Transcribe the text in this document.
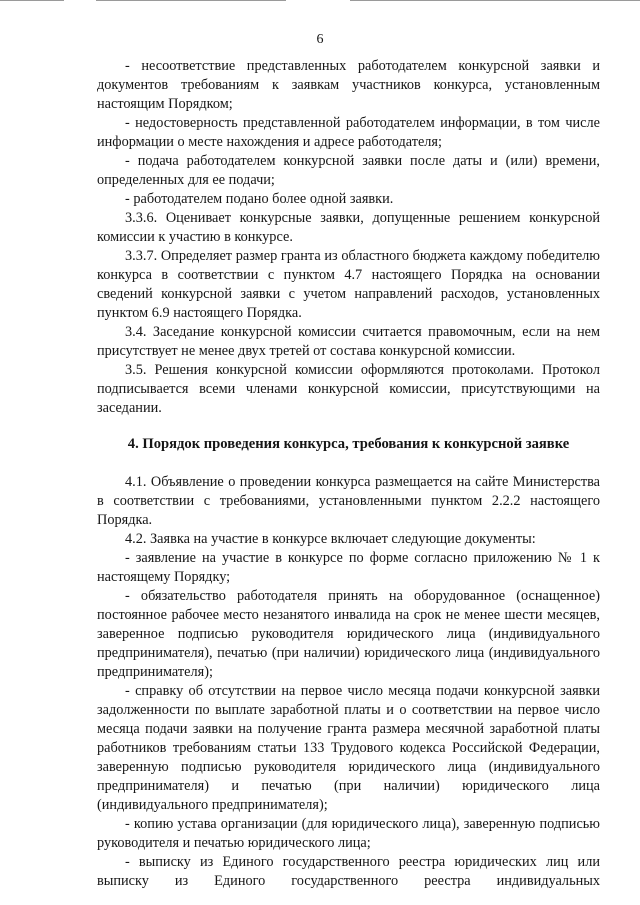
6

- несоответствие представленных работодателем конкурсной заявки и документов требованиям к заявкам участников конкурса, установленным настоящим Порядком;

- недостоверность представленной работодателем информации, в том числе информации о месте нахождения и адресе работодателя;

- подача работодателем конкурсной заявки после даты и (или) времени, определенных для ее подачи;

- работодателем подано более одной заявки.

3.3.6. Оценивает конкурсные заявки, допущенные решением конкурсной комиссии к участию в конкурсе.

3.3.7. Определяет размер гранта из областного бюджета каждому победителю конкурса в соответствии с пунктом 4.7 настоящего Порядка на основании сведений конкурсной заявки с учетом направлений расходов, установленных пунктом 6.9 настоящего Порядка.

3.4. Заседание конкурсной комиссии считается правомочным, если на нем присутствует не менее двух третей от состава конкурсной комиссии.

3.5. Решения конкурсной комиссии оформляются протоколами. Протокол подписывается всеми членами конкурсной комиссии, присутствующими на заседании.

4. Порядок проведения конкурса, требования к конкурсной заявке

4.1. Объявление о проведении конкурса размещается на сайте Министерства в соответствии с требованиями, установленными пунктом 2.2.2 настоящего Порядка.

4.2. Заявка на участие в конкурсе включает следующие документы:

- заявление на участие в конкурсе по форме согласно приложению № 1 к настоящему Порядку;

- обязательство работодателя принять на оборудованное (оснащенное) постоянное рабочее место незанятого инвалида на срок не менее шести месяцев, заверенное подписью руководителя юридического лица (индивидуального предпринимателя), печатью (при наличии) юридического лица (индивидуального предпринимателя);

- справку об отсутствии на первое число месяца подачи конкурсной заявки задолженности по выплате заработной платы и о соответствии на первое число месяца подачи заявки на получение гранта размера месячной заработной платы работников требованиям статьи 133 Трудового кодекса Российской Федерации, заверенную подписью руководителя юридического лица (индивидуального предпринимателя) и печатью (при наличии) юридического лица (индивидуального предпринимателя);

- копию устава организации (для юридического лица), заверенную подписью руководителя и печатью юридического лица;

- выписку из Единого государственного реестра юридических лиц или выписку из Единого государственного реестра индивидуальных
